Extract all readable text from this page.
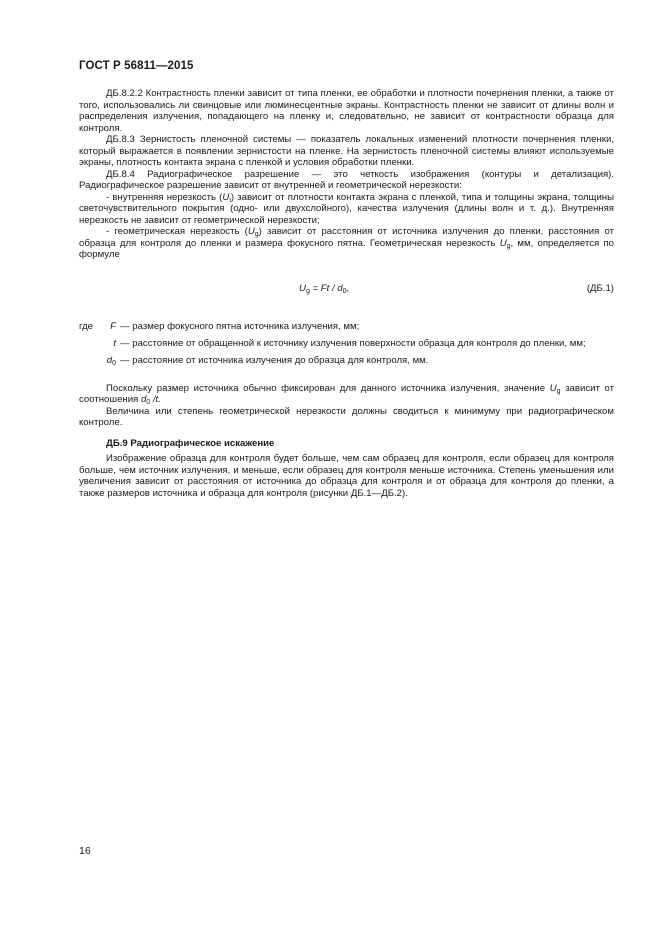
ГОСТ Р 56811—2015

ДБ.8.2.2 Контрастность пленки зависит от типа пленки, ее обработки и плотности почернения пленки, а также от того, использовались ли свинцовые или люминесцентные экраны. Контрастность пленки не зависит от длины волн и распределения излучения, попадающего на пленку и, следовательно, не зависит от контрастности образца для контроля.

ДБ.8.3 Зернистость пленочной системы — показатель локальных изменений плотности почернения пленки, который выражается в появлении зернистости на пленке. На зернистость пленочной системы влияют используемые экраны, плотность контакта экрана с пленкой и условия обработки пленки.

ДБ.8.4 Радиографическое разрешение — это четкость изображения (контуры и детализация). Радиографическое разрешение зависит от внутренней и геометрической нерезкости:

- внутренняя нерезкость $(U_i)$ зависит от плотности контакта экрана с пленкой, типа и толщины экрана, толщины светочувствительного покрытия (одно- или двухслойного), качества излучения (длины волн и т. д.). Внутренняя нерезкость не зависит от геометрической нерезкости;

- геометрическая нерезкость $(U_g)$ зависит от расстояния от источника излучения до пленки, расстояния от образца для контроля до пленки и размера фокусного пятна. Геометрическая нерезкость $U_g$, мм, определяется по формуле

$U_g = Ft / d_0$,	(ДБ.1)
где F — размер фокусного пятна источника излучения, мм;
t — расстояние от обращенной к источнику излучения поверхности образца для контроля до пленки, мм;
$d_0$ — расстояние от источника излучения до образца для контроля, мм.

Поскольку размер источника обычно фиксирован для данного источника излучения, значение $U_g$ зависит от соотношения $d_0$ /t.

Величина или степень геометрической нерезкости должны сводиться к минимуму при радиографическом контроле.

ДБ.9 Радиографическое искажение

Изображение образца для контроля будет больше, чем сам образец для контроля, если образец для контроля больше, чем источник излучения, и меньше, если образец для контроля меньше источника. Степень уменьшения или увеличения зависит от расстояния от источника до образца для контроля и от образца для контроля до пленки, а также размеров источника и образца для контроля (рисунки ДБ.1—ДБ.2).

16
